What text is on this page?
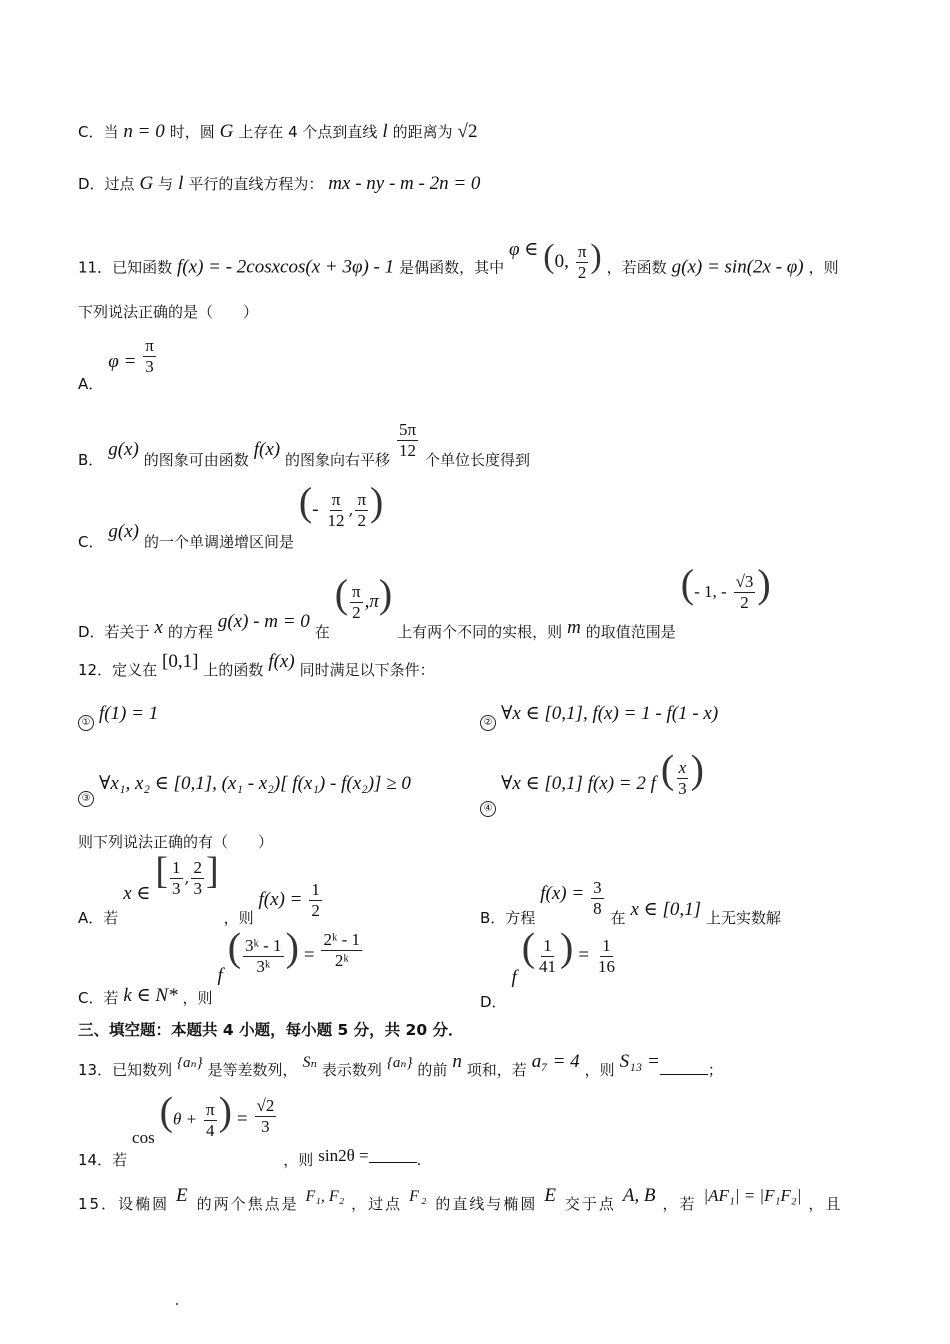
C．当 n = 0 时，圆 G 上存在 4 个点到直线 l 的距离为 √2
D．过点 G 与 l 平行的直线方程为： mx - ny - m - 2n = 0
11．已知函数 f(x) = - 2cosxcos(x + 3φ) - 1 是偶函数，其中 φ ∈ (0, $\frac{\pi}{2}$ ) ，若函数 g(x) = sin(2x - φ) ，则
下列说法正确的是（　　）
A． $\varphi = \frac{\pi}{3}$
B． g(x) 的图象可由函数 f(x) 的图象向右平移 $\frac{5\pi}{12}$ 个单位长度得到
C． g(x) 的一个单调递增区间是 (- $\frac{\pi}{12}$ , $\frac{\pi}{2}$ )
D．若关于 x 的方程 g(x) - m = 0 在 ( $\frac{\pi}{2} ,\pi$) 上有两个不同的实根，则 m 的取值范围是 (- 1, - $\frac{√3}{2}$ )
12．定义在 [0,1] 上的函数 f(x) 同时满足以下条件：
① f(1) = 1	② ∀x ∈ [0,1], f(x) = 1 - f(1 - x)
③ ∀x₁, x₂ ∈ [0,1], (x₁ - x₂)[ f(x₁) - f(x₂)] ≥ 0
④ ∀x ∈ [0,1] f(x) = 2 f ( $\frac{x}{3}$ )
则下列说法正确的有（　　）
A．若 x ∈ [ $\frac{1}{3}$ , $\frac{2}{3}$ ] ，则 $f(x) = \frac{1}{2}$	B．方程 $f(x) = \frac{3}{8}$ 在 x ∈ [0,1] 上无实数解
C．若 k ∈ N* ，则 f ( $\frac{\text{3ᵏ - 1}}{\text{3ᵏ}}$ ) = $\frac{\text{2ᵏ - 1}}{\text{2ᵏ}}$
D． f ( $\frac{1}{41}$ ) = $\frac{1}{16}$
三、填空题：本题共 4 小题，每小题 5 分，共 20 分．
13．已知数列 {aₙ} 是等差数列， Sₙ 表示数列 {aₙ} 的前 n 项和，若 a₇ = 4 ，则 S₁₃ =	；
14．若 $\cos (\theta + \frac{\pi}{4}$ ) = $\frac{√2}{3}$
，则 sin2θ =	.
15．设椭圆 E 的两个焦点是 F₁, F₂ ，过点 F₂ 的直线与椭圆 E 交于点 A, B ，若 |AF₁| = |F₁F₂| ，且
